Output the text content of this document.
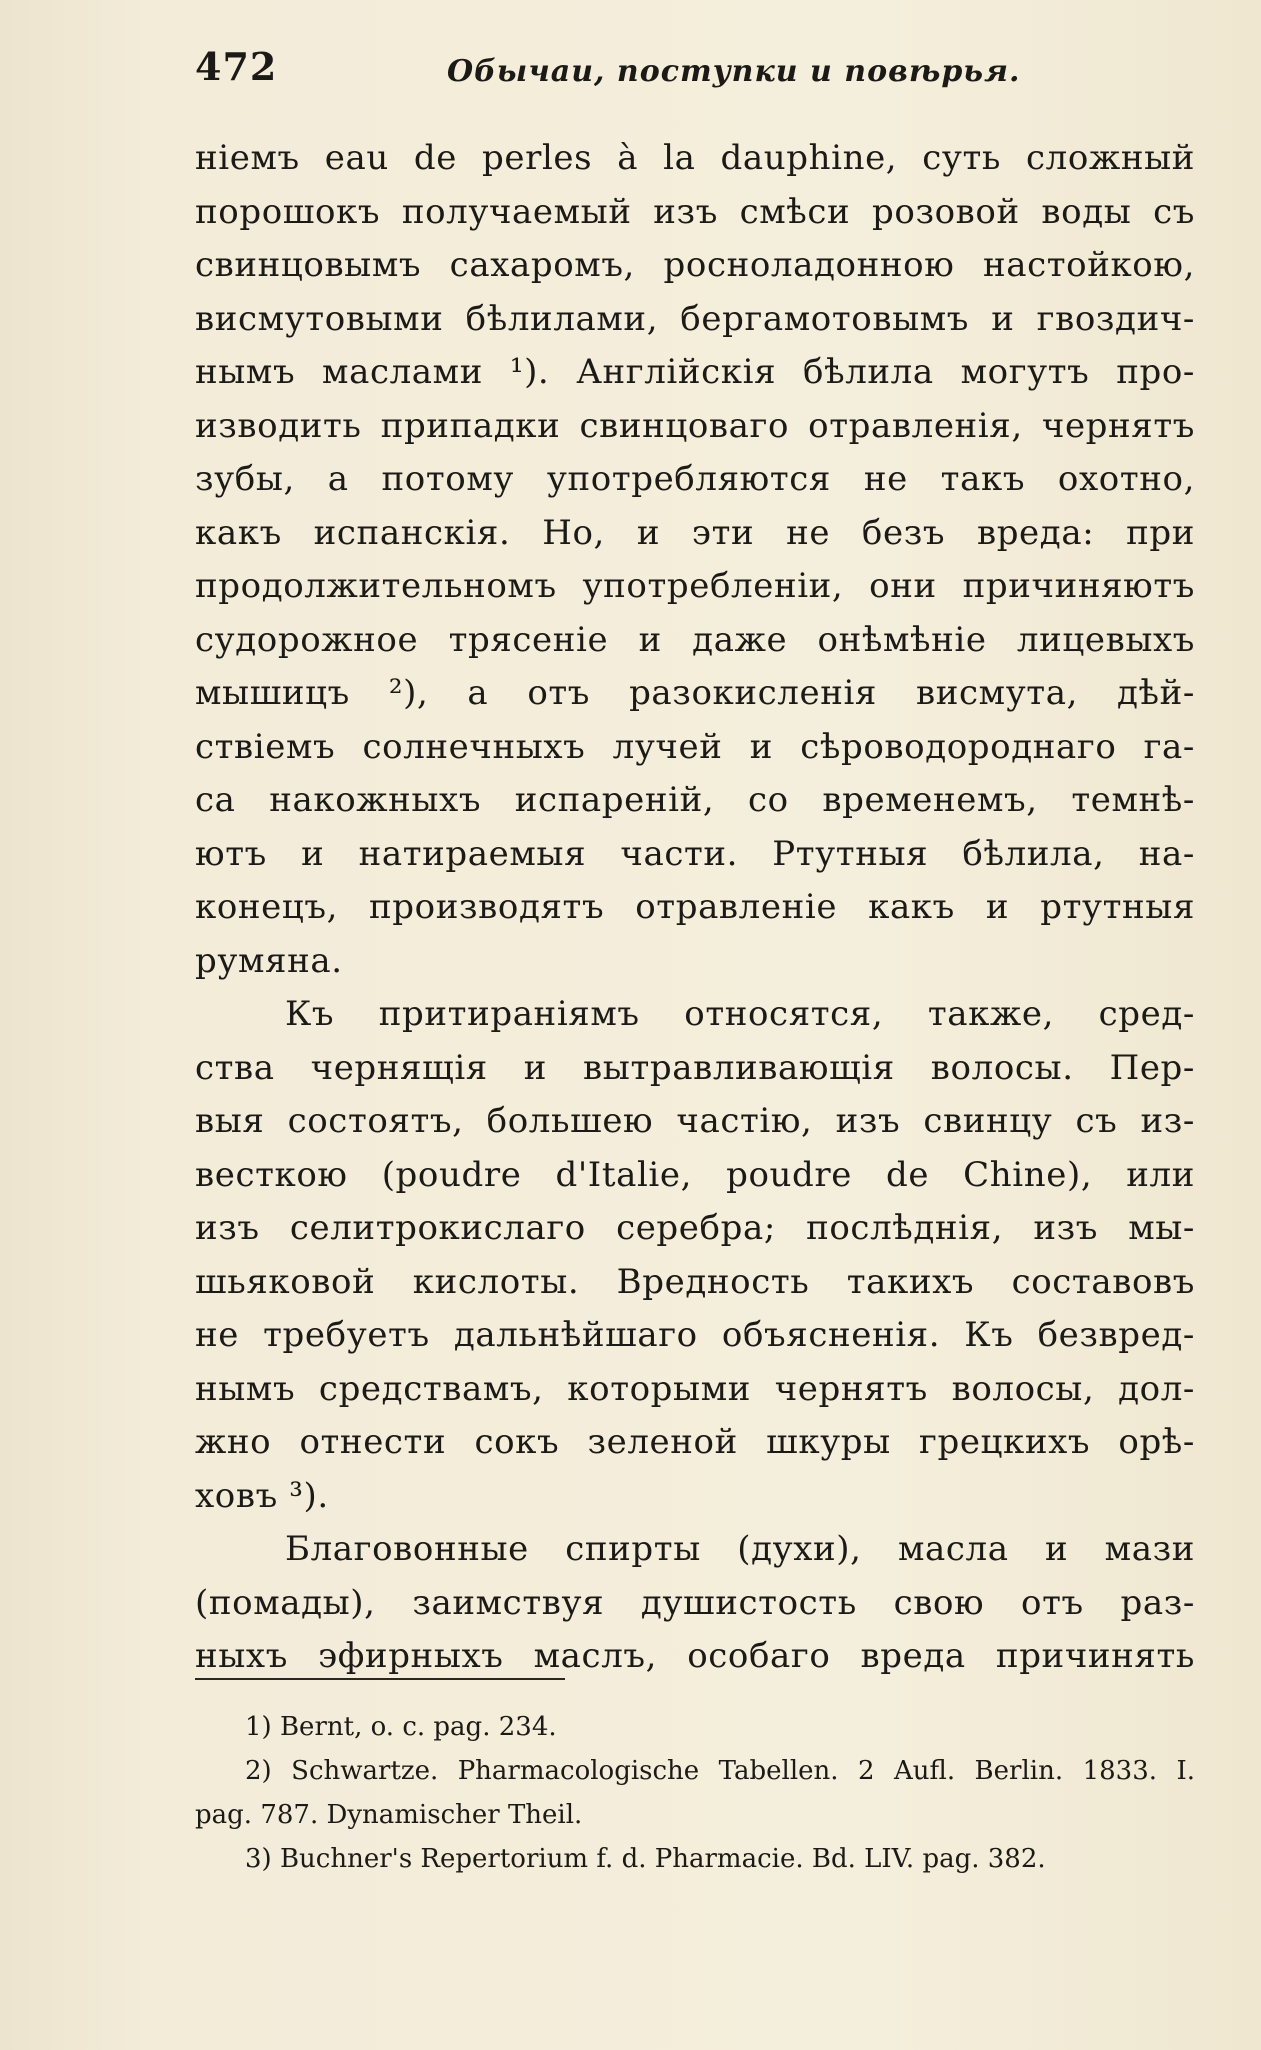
472	Обычаи, поступки и повѣрья.
нiемъ eau de perles à la dauphine, суть сложный
порошокъ получаемый изъ смѣси розовой воды съ
свинцовымъ сахаромъ, росноладонною настойкою,
висмутовыми бѣлилами, бергамотовымъ и гвоздич-
нымъ маслами ¹). Англiйскiя бѣлила могутъ про-
изводить припадки свинцоваго отравленiя, чернятъ
зубы, а потому употребляются не такъ охотно,
какъ испанскiя. Но, и эти не безъ вреда: при
продолжительномъ употребленiи, они причиняютъ
судорожное трясенiе и даже онѣмѣнiе лицевыхъ
мышицъ ²), а отъ разокисленiя висмута, дѣй-
ствiемъ солнечныхъ лучей и сѣроводороднаго га-
са накожныхъ испаренiй, со временемъ, темнѣ-
ютъ и натираемыя части. Ртутныя бѣлила, на-
конецъ, производятъ отравленiе какъ и ртутныя
румяна.
Къ притиранiямъ относятся, также, сред-
ства чернящiя и вытравливающiя волосы. Пер-
выя состоятъ, большею частiю, изъ свинцу съ из-
весткою (poudre d'Italie, poudre de Chine), или
изъ селитрокислаго серебра; послѣднiя, изъ мы-
шьяковой кислоты. Вредность такихъ составовъ
не требуетъ дальнѣйшаго объясненiя. Къ безвред-
нымъ средствамъ, которыми чернятъ волосы, дол-
жно отнести сокъ зеленой шкуры грецкихъ орѣ-
ховъ ³).
Благовонные спирты (духи), масла и мази
(помады), заимствуя душистость свою отъ раз-
ныхъ эфирныхъ маслъ, особаго вреда причинять
1) Bernt, o. c. pag. 234.
2) Schwartze. Pharmacologische Tabellen. 2 Aufl. Berlin. 1833. I.
pag. 787. Dynamischer Theil.
3) Buchner's Repertorium f. d. Pharmacie. Bd. LIV. pag. 382.
